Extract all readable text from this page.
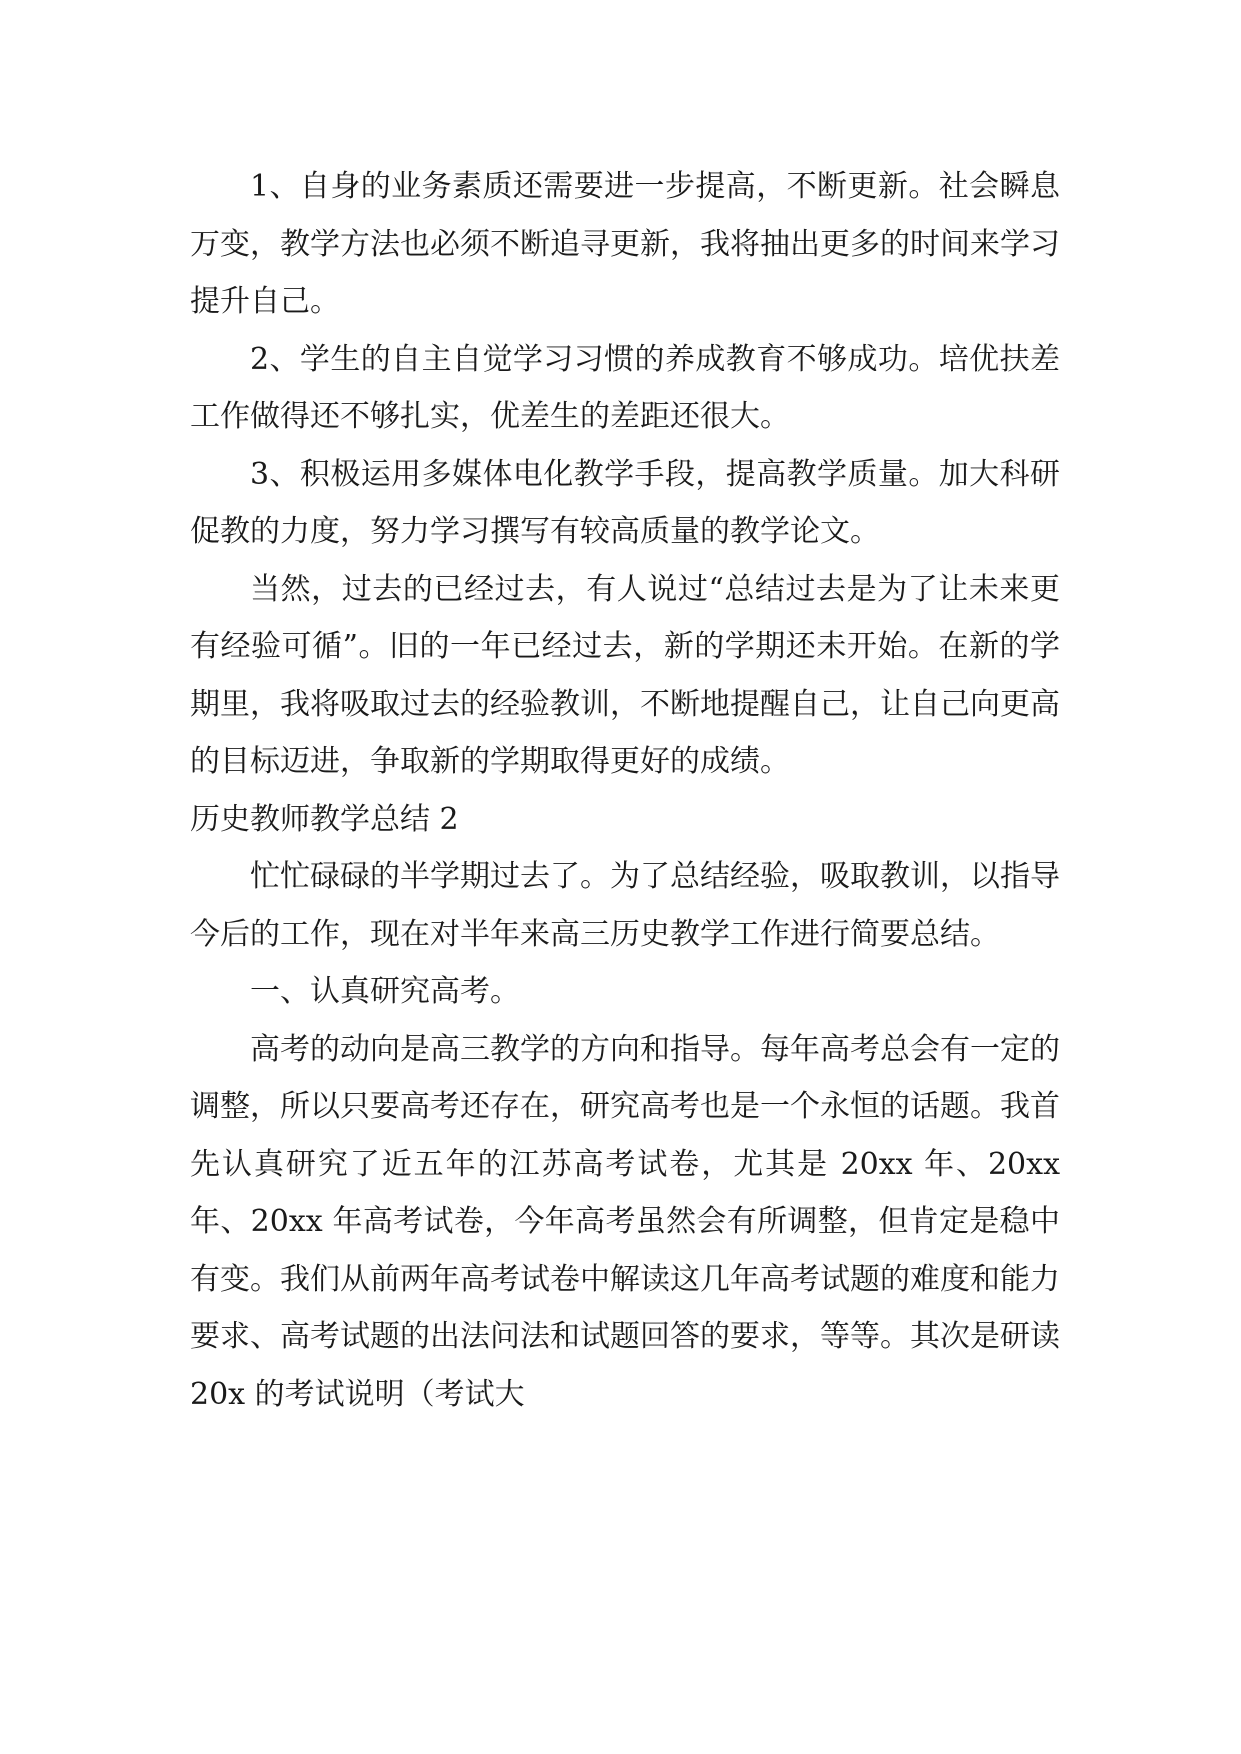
1、自身的业务素质还需要进一步提高，不断更新。社会瞬息万变，教学方法也必须不断追寻更新，我将抽出更多的时间来学习提升自己。

2、学生的自主自觉学习习惯的养成教育不够成功。培优扶差工作做得还不够扎实，优差生的差距还很大。

3、积极运用多媒体电化教学手段，提高教学质量。加大科研促教的力度，努力学习撰写有较高质量的教学论文。

当然，过去的已经过去，有人说过“总结过去是为了让未来更有经验可循”。旧的一年已经过去，新的学期还未开始。在新的学期里，我将吸取过去的经验教训，不断地提醒自己，让自己向更高的目标迈进，争取新的学期取得更好的成绩。

历史教师教学总结 2

忙忙碌碌的半学期过去了。为了总结经验，吸取教训，以指导今后的工作，现在对半年来高三历史教学工作进行简要总结。

一、认真研究高考。

高考的动向是高三教学的方向和指导。每年高考总会有一定的调整，所以只要高考还存在，研究高考也是一个永恒的话题。我首先认真研究了近五年的江苏高考试卷，尤其是 20xx 年、20xx 年、20xx 年高考试卷，今年高考虽然会有所调整，但肯定是稳中有变。我们从前两年高考试卷中解读这几年高考试题的难度和能力要求、高考试题的出法问法和试题回答的要求，等等。其次是研读 20x 的考试说明（考试大
